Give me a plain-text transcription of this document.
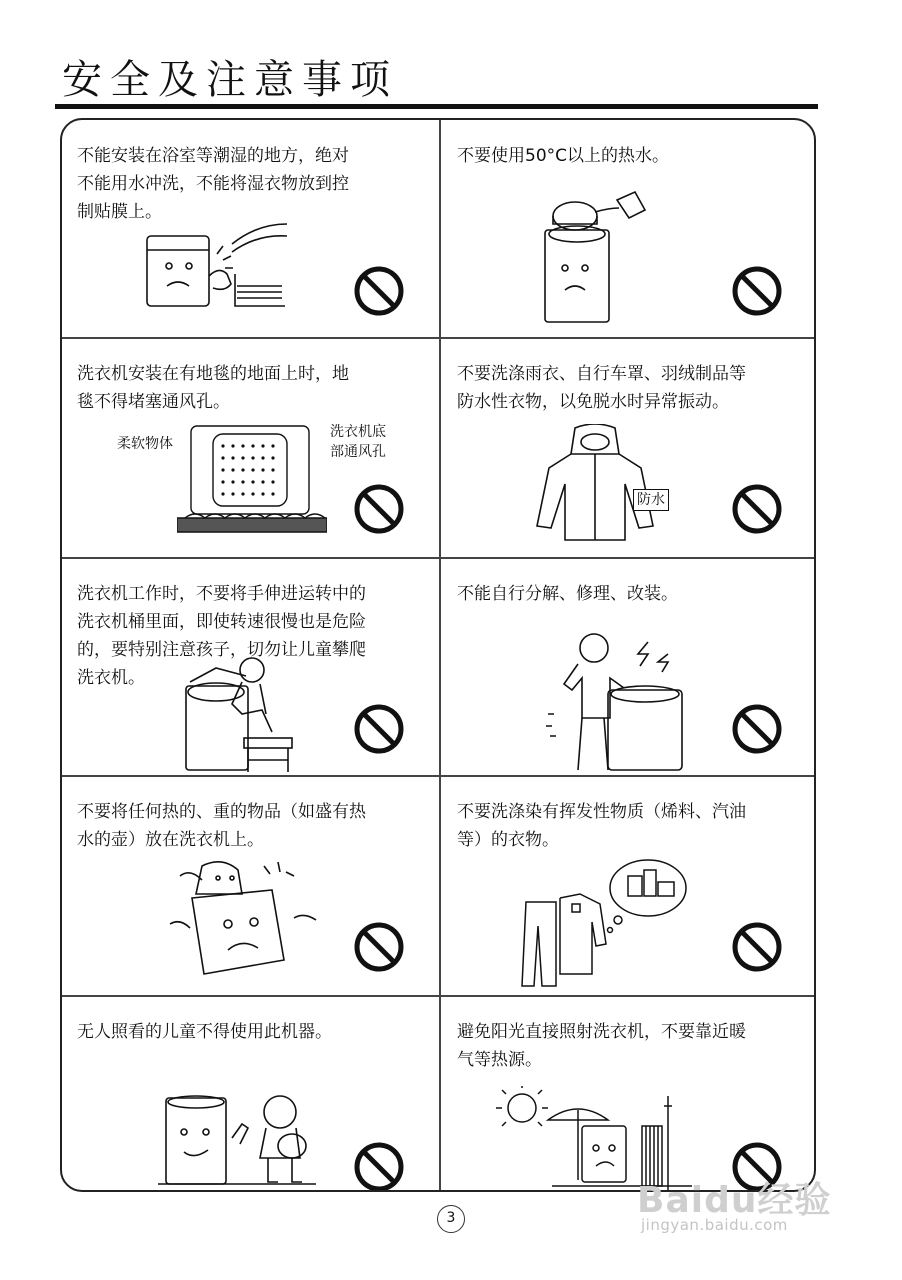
安全及注意事项
不能安装在浴室等潮湿的地方，绝对
不能用水冲洗，不能将湿衣物放到控
制贴膜上。
不要使用50°C以上的热水。
洗衣机安装在有地毯的地面上时，地
毯不得堵塞通风孔。
柔软物体
洗衣机底
部通风孔
不要洗涤雨衣、自行车罩、羽绒制品等
防水性衣物，以免脱水时异常振动。
防水
洗衣机工作时，不要将手伸进运转中的
洗衣机桶里面，即使转速很慢也是危险
的，要特别注意孩子，切勿让儿童攀爬
洗衣机。
不能自行分解、修理、改装。
不要将任何热的、重的物品（如盛有热
水的壶）放在洗衣机上。
不要洗涤染有挥发性物质（烯料、汽油
等）的衣物。
无人照看的儿童不得使用此机器。	避免阳光直接照射洗衣机，不要靠近暖
气等热源。
3	Baidu经验
jingyan.baidu.com
